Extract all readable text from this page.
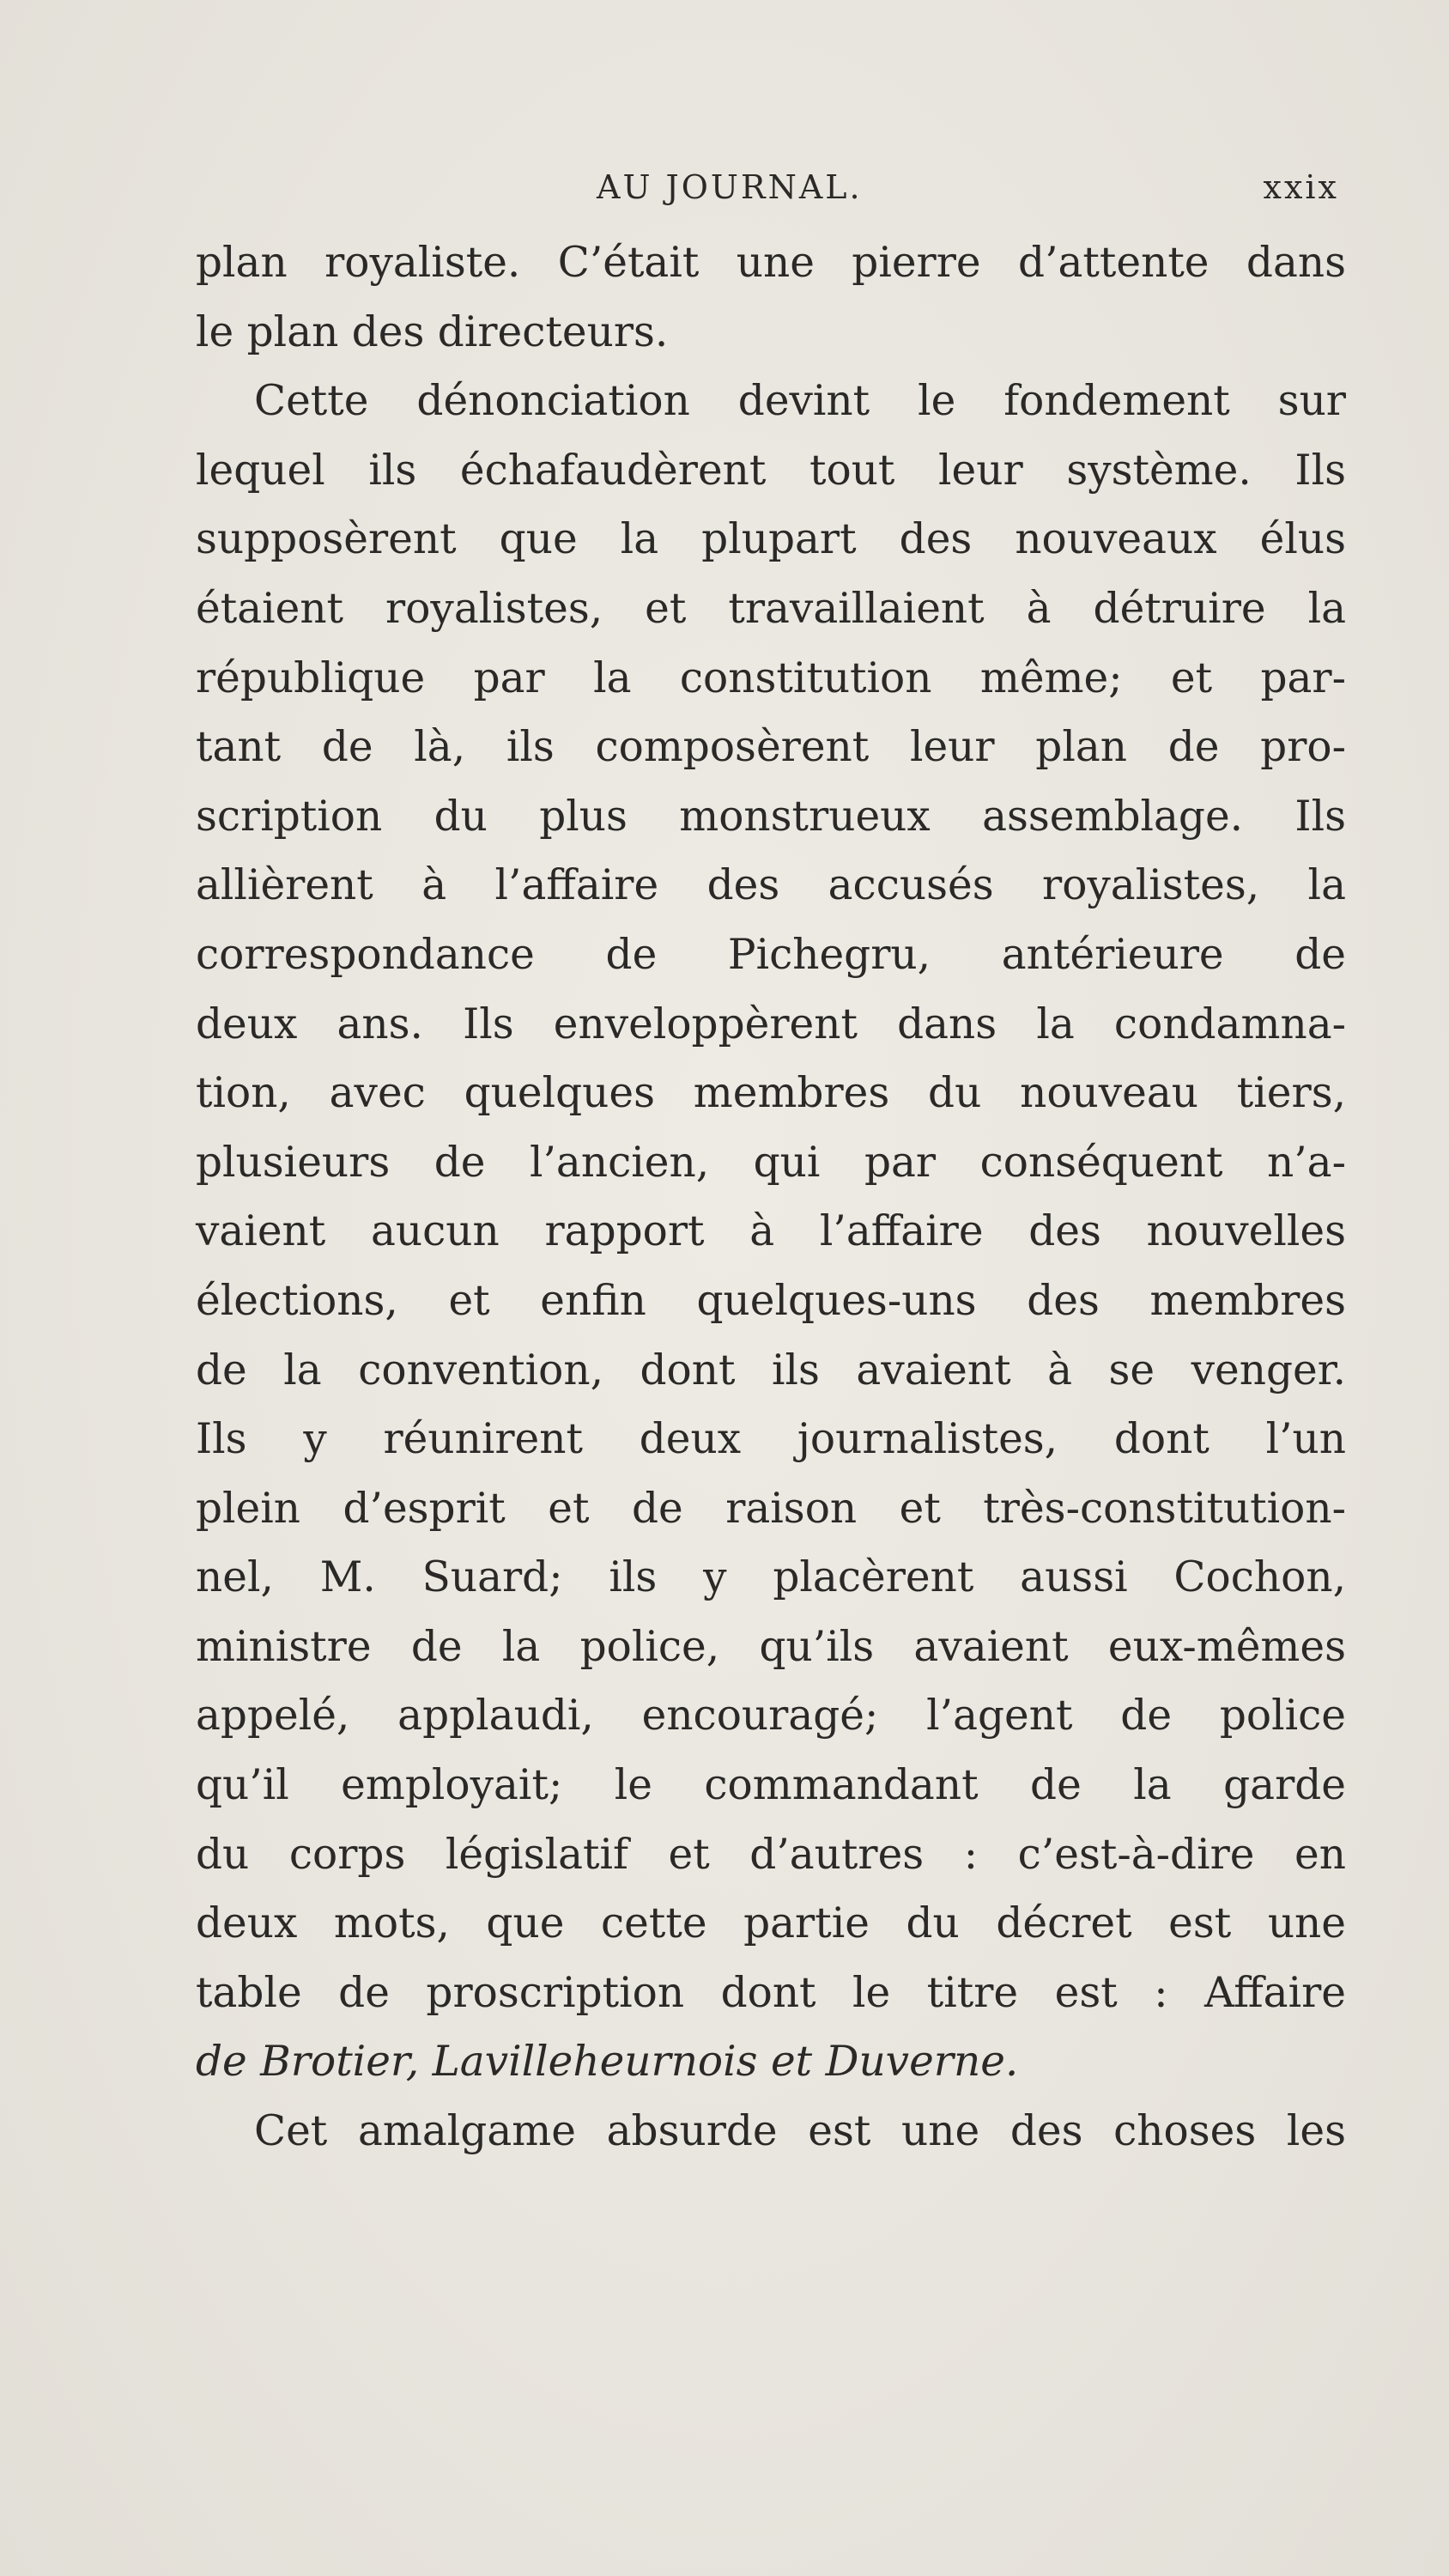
AU JOURNAL.	xxix
plan royaliste. C’était une pierre d’attente dans
le plan des directeurs.
Cette dénonciation devint le fondement sur
lequel ils échafaudèrent tout leur système. Ils
supposèrent que la plupart des nouveaux élus
étaient royalistes, et travaillaient à détruire la
république par la constitution même; et par-
tant de là, ils composèrent leur plan de pro-
scription du plus monstrueux assemblage. Ils
allièrent à l’affaire des accusés royalistes, la
correspondance de Pichegru, antérieure de
deux ans. Ils enveloppèrent dans la condamna-
tion, avec quelques membres du nouveau tiers,
plusieurs de l’ancien, qui par conséquent n’a-
vaient aucun rapport à l’affaire des nouvelles
élections, et enfin quelques-uns des membres
de la convention, dont ils avaient à se venger.
Ils y réunirent deux journalistes, dont l’un
plein d’esprit et de raison et très-constitution-
nel, M. Suard; ils y placèrent aussi Cochon,
ministre de la police, qu’ils avaient eux-mêmes
appelé, applaudi, encouragé; l’agent de police
qu’il employait; le commandant de la garde
du corps législatif et d’autres : c’est-à-dire en
deux mots, que cette partie du décret est une
table de proscription dont le titre est : Affaire
de Brotier, Lavilleheurnois et Duverne.
Cet amalgame absurde est une des choses les
